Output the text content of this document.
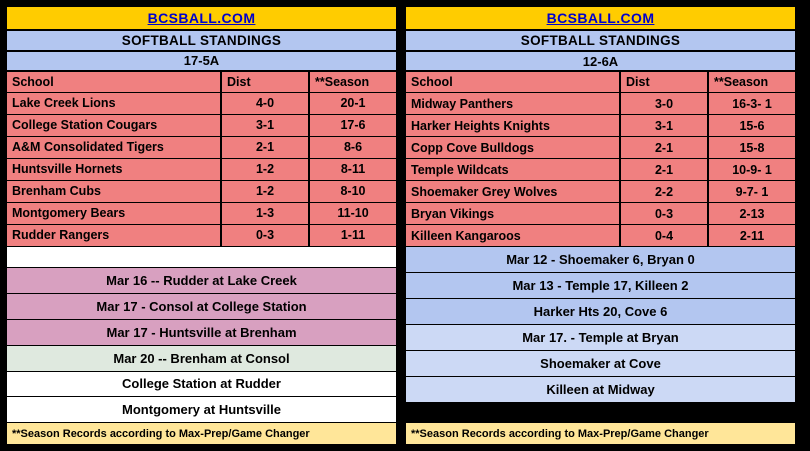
BCSBALL.COM
SOFTBALL STANDINGS
17-5A
School	Dist	**Season
Lake Creek Lions	4-0	20-1
College Station Cougars	3-1	17-6
A&M Consolidated Tigers	2-1	8-6
Huntsville Hornets	1-2	8-11
Brenham Cubs	1-2	8-10
Montgomery Bears	1-3	11-10
Rudder Rangers	0-3	1-11
Mar 16 -- Rudder at Lake Creek
Mar 17 - Consol at College Station
Mar 17 - Huntsville at Brenham
Mar 20 -- Brenham at Consol
College Station at Rudder
Montgomery at Huntsville
**Season Records according to Max-Prep/Game Changer
BCSBALL.COM
SOFTBALL STANDINGS
12-6A
School	Dist	**Season
Midway Panthers	3-0	16-3- 1
Harker Heights Knights	3-1	15-6
Copp Cove Bulldogs	2-1	15-8
Temple Wildcats	2-1	10-9- 1
Shoemaker Grey Wolves	2-2	9-7- 1
Bryan Vikings	0-3	2-13
Killeen Kangaroos	0-4	2-11
Mar 12 - Shoemaker 6, Bryan 0
Mar 13 - Temple 17, Killeen 2
Harker Hts 20, Cove 6
Mar 17. - Temple at Bryan
Shoemaker at Cove
Killeen at Midway
**Season Records according to Max-Prep/Game Changer
